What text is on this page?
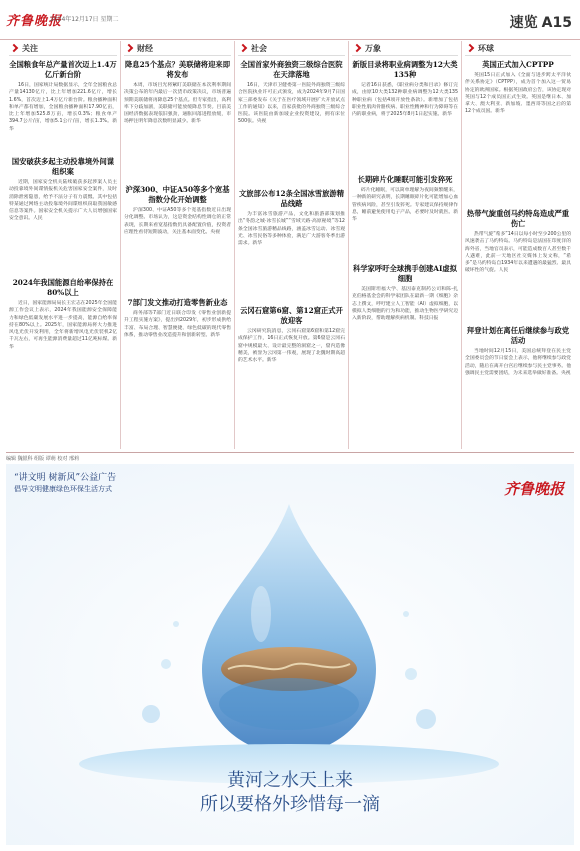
齐鲁晚报
2024年12月17日 星期二	速览 A15
关注
全国粮食年总产量首次迈上1.4万亿斤新台阶
16日，国家统计局数据显示，全年全国粮食总产量14130亿斤，比上年增加221.6亿斤，增长1.6%，首次迈上1.4万亿斤新台阶。粮食播种面积和单产都有增加，全国粮食播种面积17.90亿亩，比上年增加525.8万亩，增长0.3%；粮食单产394.7公斤/亩，增加5.1公斤/亩，增长1.3%。新华
国安破获多起主动投靠境外间谍组织案
近期，国家安全机关陆续破获多起涉案人员主动投靠境外间谍情报机关危害国家安全案件，及时消除泄密隐患，给予不法分子有力震慑。其中包括特某通过网络主动投靠境外间谍组织窃取我国敏感信息等案件。国家安全机关提示广大人员增强国家安全意识。人民
2024年我国能源自给率保持在80%以上
近日，国家能源局局长王宏志在2025年全国能源工作会议上表示，2024年我国能源安全保障能力和绿色低碳发展水平进一步提高，能源自给率保持在80%以上。2025年，国家能源局将大力推进风电光伏开发利用，全年将新增风电光伏装机2亿千瓦左右，可再生能源消费量超过11亿吨标煤。新华
财经
降息25个基点？美联储将迎来即将发布
本周，市场目光将紧盯美联储在本次利率期间决策公布的年内最后一次货币政策决议，市场普遍预期美联储将再降息25个基点。但专家指出，高利率下分歧加剧，美联储可能放缓降息节奏。目前美国经济数据表现依旧强劲，通胀回落进程放缓，市场押注明年降息次数明显减少。新华
沪深300、中证A50等多个宽基指数分化开始调整
沪深300、中证A50等多个宽基指数近日出现分化调整。市场认为，这是资金结构性调仓的正常表现，长期来看宽基指数仍具备配置价值，投资者应理性看待短期波动，关注基本面变化。央视
7部门发文推动打造零售新业态
商务部等7部门近日联合印发《零售业创新提升工程实施方案》，提出到2029年，初步形成供给丰富、布局合理、智慧便捷、绿色低碳的现代零售体系，推动零售业改造提升和创新转型。新华
社会
全国首家外商独资三级综合医院在天津落地
16日，天津市卫健委第一医院外商独资三级综合医院执业许可正式颁发，成为2024年9月7日国家三部委发布《关于在医疗领域开展扩大开放试点工作的通知》以来，首家获批的外商独资三级综合医院。该医院由新加坡企业投资建设，拥有床位500张。央视
文旅部公布12条全国冰雪旅游精品线路
为丰富冰雪旅游产品，文化和旅游部策划推出“冬韵之城·冰雪长城”“雪域天路·高原秘境”等12条全国冰雪旅游精品线路，涵盖冰雪运动、冰雪观光、冰雪民俗等多种体验，满足广大游客冬季出游需求。新华
云冈石窟第6窟、第12窟正式开放迎客
云冈研究院消息，云冈石窟第6窟和第12窟完成保护工作，16日正式恢复开放。第6窟是云冈石窟中规模最大、设计最完整的洞窟之一，窟内造像精美，被誉为云冈第一伟观，展现了北魏时期高超的艺术水平。新华
万象
新版目录将职业病调整为12大类135种
记者16日获悉，《职业病分类和目录》修订完成，由原10大类132种职业病调整为12大类135种职业病（包括4项开放性条款）。新增加了包括职业性肌肉骨骼疾病、职业性精神和行为障碍等在内的职业病，将于2025年8月1日起实施。新华
长期碎片化睡眠可能引发猝死
碎片化睡眠，可以简单理解为夜间频繁醒来，一种新的研究表明，长期睡眠碎片化可能增加心血管疾病风险，甚至引发猝死。专家建议保持规律作息，睡前避免使用电子产品，必要时及时就医。新华
科学家呼吁全球携手创建AI虚拟细胞
美国斯坦福大学、基因泰克制药公司和陈-扎克伯格基金会的科学家团队在最新一期《细胞》杂志上撰文，呼吁建立人工智能（AI）虚拟细胞，以模拟人类细胞的行为和功能，推动生物医学研究迈入新阶段，帮助理解疾病机制。科技日报
环球
英国正式加入CPTPP
英国15日正式加入《全面与进步跨太平洋伙伴关系协定》（CPTPP），成为首个加入这一贸易协定的欧洲国家。根据英国政府公告，该协定现对英国与12个成员国正式生效。英国是继日本、加拿大、澳大利亚、新加坡、墨西哥等国之后的第12个成员国。新华
热带气旋重创马约特岛造成严重伤亡
热带气旋“希多”14日以每小时至少200公里的风速袭击了马约特岛。马约特岛是法国在印度洋的海外省，当地官员表示，可能造成数百人甚至数千人遇难，此前一天地区社交媒体上发文称，“希多”是马约特岛自1934年以来遭遇的最猛烈、最具破坏性的气旋。人民
拜登计划在离任后继续参与政党活动
当地时间12月15日，美国总统拜登在民主党全国委员会的节日宴会上表示，他将继续参与政党活动，随后在离开白宫后继续参与民主党事务。他强调民主党需要团结，为未来选举做好准备。央视
编辑 魏银科 组版 谭萌 校对 邢莉
“讲文明 树新风”公益广告
倡导文明健康绿色环保生活方式	齐鲁晚报
黄河之水天上来
所以要格外珍惜每一滴
